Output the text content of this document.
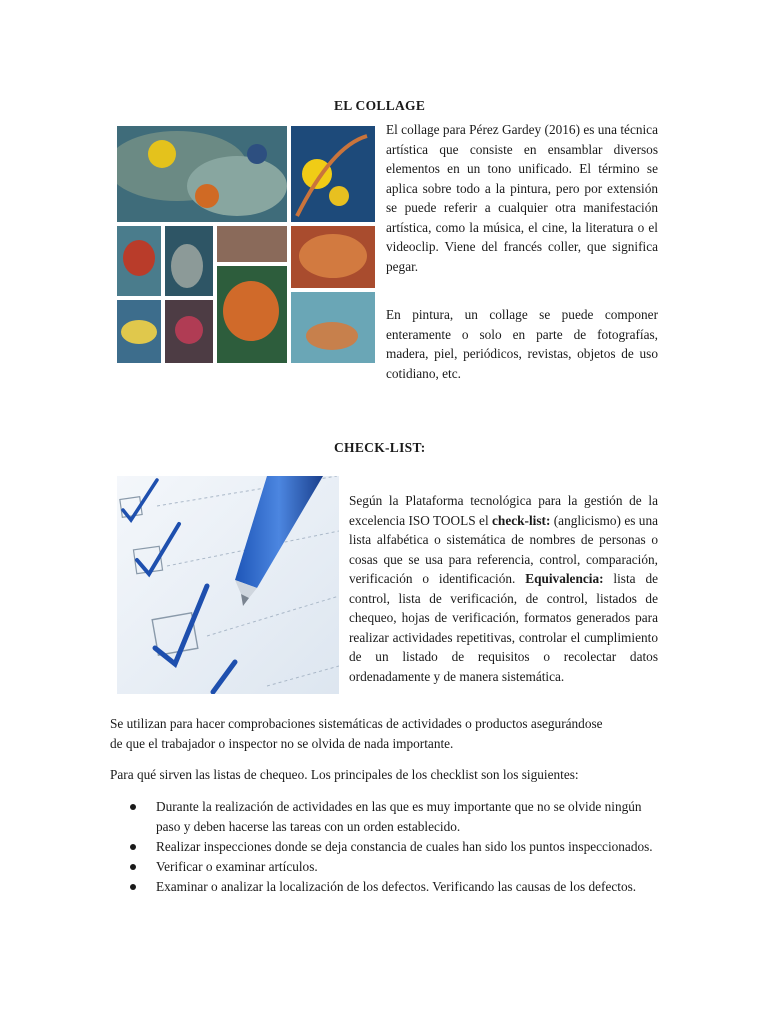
EL COLLAGE

El collage para Pérez Gardey (2016) es una técnica artística que consiste en ensamblar diversos elementos en un tono unificado. El término se aplica sobre todo a la pintura, pero por extensión se puede referir a cualquier otra manifestación artística, como la música, el cine, la literatura o el videoclip. Viene del francés coller, que significa pegar.

En pintura, un collage se puede componer enteramente o solo en parte de fotografías, madera, piel, periódicos, revistas, objetos de uso cotidiano, etc.

CHECK-LIST:

Según la Plataforma tecnológica para la gestión de la excelencia ISO TOOLS el check-list: (anglicismo) es una lista alfabética o sistemática de nombres de personas o cosas que se usa para referencia, control, comparación, verificación o identificación. Equivalencia: lista de control, lista de verificación, de control, listados de chequeo, hojas de verificación, formatos generados para realizar actividades repetitivas, controlar el cumplimiento de un listado de requisitos o recolectar datos ordenadamente y de manera sistemática.

Se utilizan para hacer comprobaciones sistemáticas de actividades o productos asegurándose de que el trabajador o inspector no se olvida de nada importante.

Para qué sirven las listas de chequeo. Los principales de los checklist son los siguientes:

Durante la realización de actividades en las que es muy importante que no se olvide ningún paso y deben hacerse las tareas con un orden establecido.
Realizar inspecciones donde se deja constancia de cuales han sido los puntos inspeccionados.
Verificar o examinar artículos.
Examinar o analizar la localización de los defectos. Verificando las causas de los defectos.
